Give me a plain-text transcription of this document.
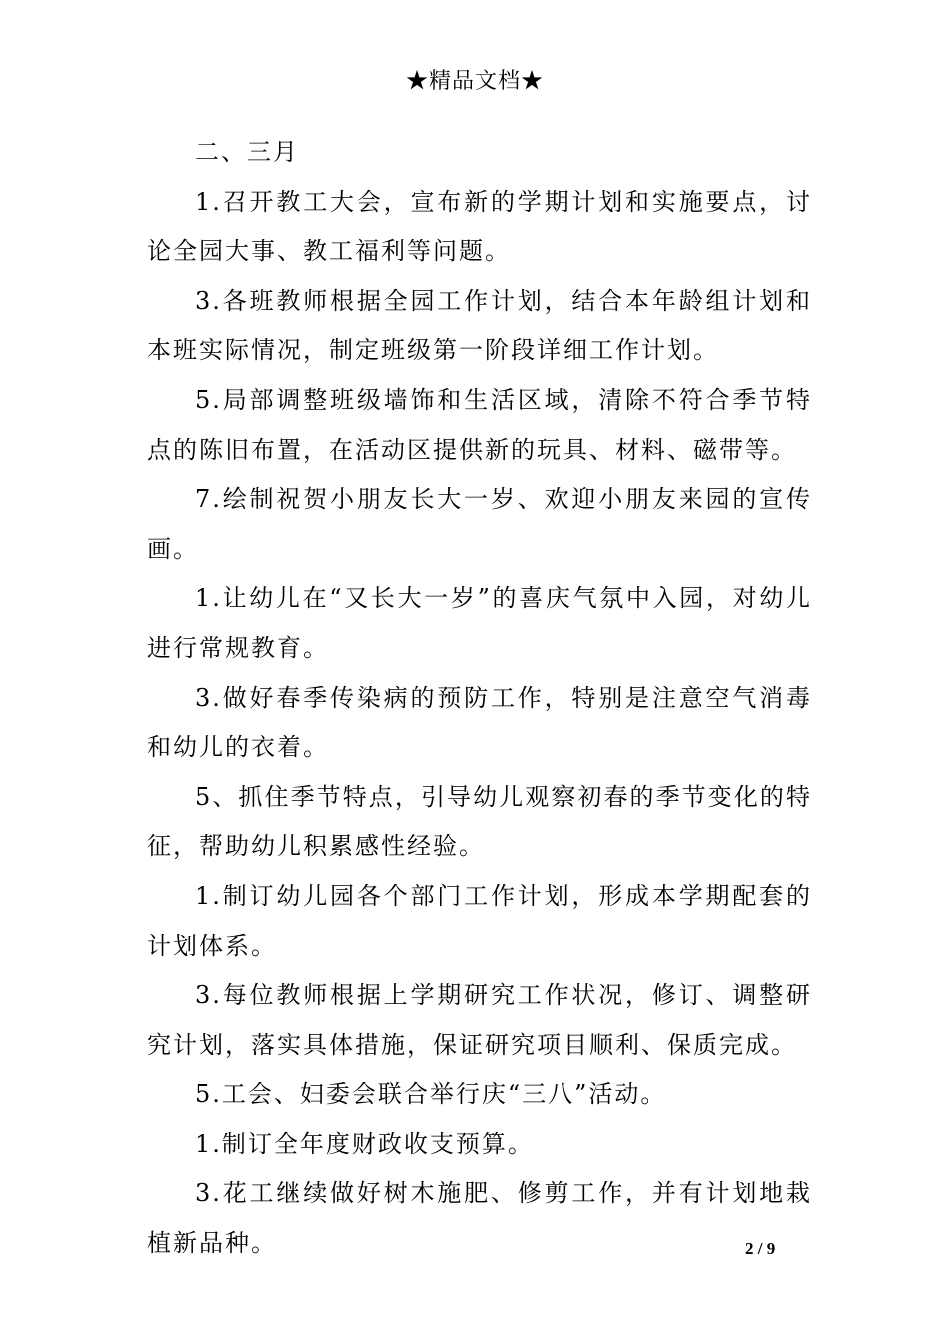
★精品文档★

二、三月

1.召开教工大会，宣布新的学期计划和实施要点，讨论全园大事、教工福利等问题。

3.各班教师根据全园工作计划，结合本年龄组计划和本班实际情况，制定班级第一阶段详细工作计划。

5.局部调整班级墙饰和生活区域，清除不符合季节特点的陈旧布置，在活动区提供新的玩具、材料、磁带等。

7.绘制祝贺小朋友长大一岁、欢迎小朋友来园的宣传画。

1.让幼儿在“又长大一岁”的喜庆气氛中入园，对幼儿进行常规教育。

3.做好春季传染病的预防工作，特别是注意空气消毒和幼儿的衣着。

5、抓住季节特点，引导幼儿观察初春的季节变化的特征，帮助幼儿积累感性经验。

1.制订幼儿园各个部门工作计划，形成本学期配套的计划体系。

3.每位教师根据上学期研究工作状况，修订、调整研究计划，落实具体措施，保证研究项目顺利、保质完成。

5.工会、妇委会联合举行庆“三八”活动。

1.制订全年度财政收支预算。

3.花工继续做好树木施肥、修剪工作，并有计划地栽植新品种。	2 / 9
